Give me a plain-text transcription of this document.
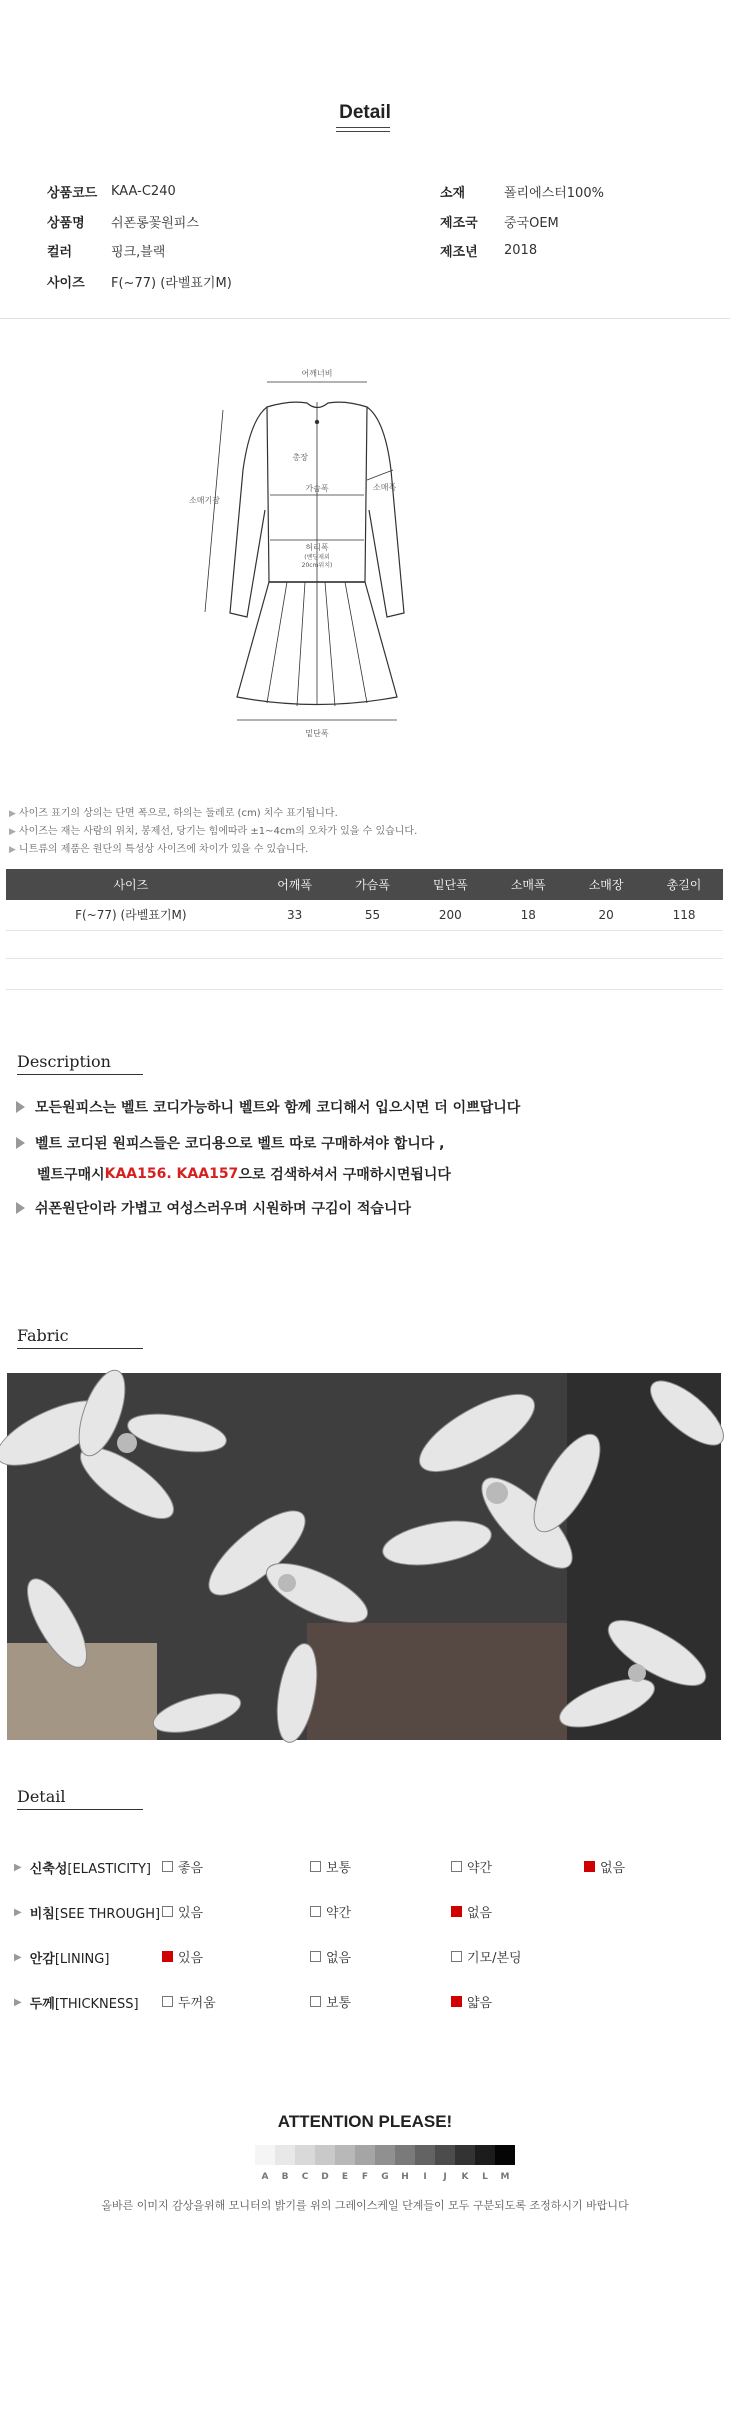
Detail
상품코드	KAA-C240
상품명	쉬폰롱꽃원피스
컬러	핑크,블랙
사이즈	F(~77) (라벨표기M)
소재	폴리에스터100%
제조국	중국OEM
제조년	2018
어깨너비
총장
가슴폭
소매기장
소매폭
허리폭
(밴딩제외
20cm위치)
밑단폭
▶ 사이즈 표기의 상의는 단면 폭으로, 하의는 둘레로 (cm) 치수 표기됩니다.
▶ 사이즈는 재는 사람의 위치, 봉제선, 당기는 힘에따라 ±1~4cm의 오차가 있을 수 있습니다.
▶ 니트류의 제품은 원단의 특성상 사이즈에 차이가 있을 수 있습니다.
사이즈	어깨폭	가슴폭	밑단폭	소매폭	소매장	총길이
F(~77) (라벨표기M)	33	55	200	18	20	118
Description
모든원피스는 벨트 코디가능하니 벨트와 함께 코디해서 입으시면 더 이쁘답니다
벨트 코디된 원피스들은 코디용으로 벨트 따로 구매하셔야 합니다 ,
벨트구매시 KAA156. KAA157 으로 검색하셔서 구매하시면됩니다
쉬폰원단이라 가볍고 여성스러우며 시원하며 구김이 적습니다
Fabric
Detail
▶ 신축성[ELASTICITY]	좋음	보통	약간	없음
▶ 비침[SEE THROUGH] 있음	약간	없음
▶ 안감[LINING]	있음	없음	기모/본딩
▶ 두께[THICKNESS]	두꺼움	보통	얇음
ATTENTION PLEASE!
A	B	C	D	E	F	G	H	I	J	K	L	M
올바른 이미지 감상을위해 모니터의 밝기를 위의 그레이스케일 단계들이 모두 구분되도록 조정하시기 바랍니다
